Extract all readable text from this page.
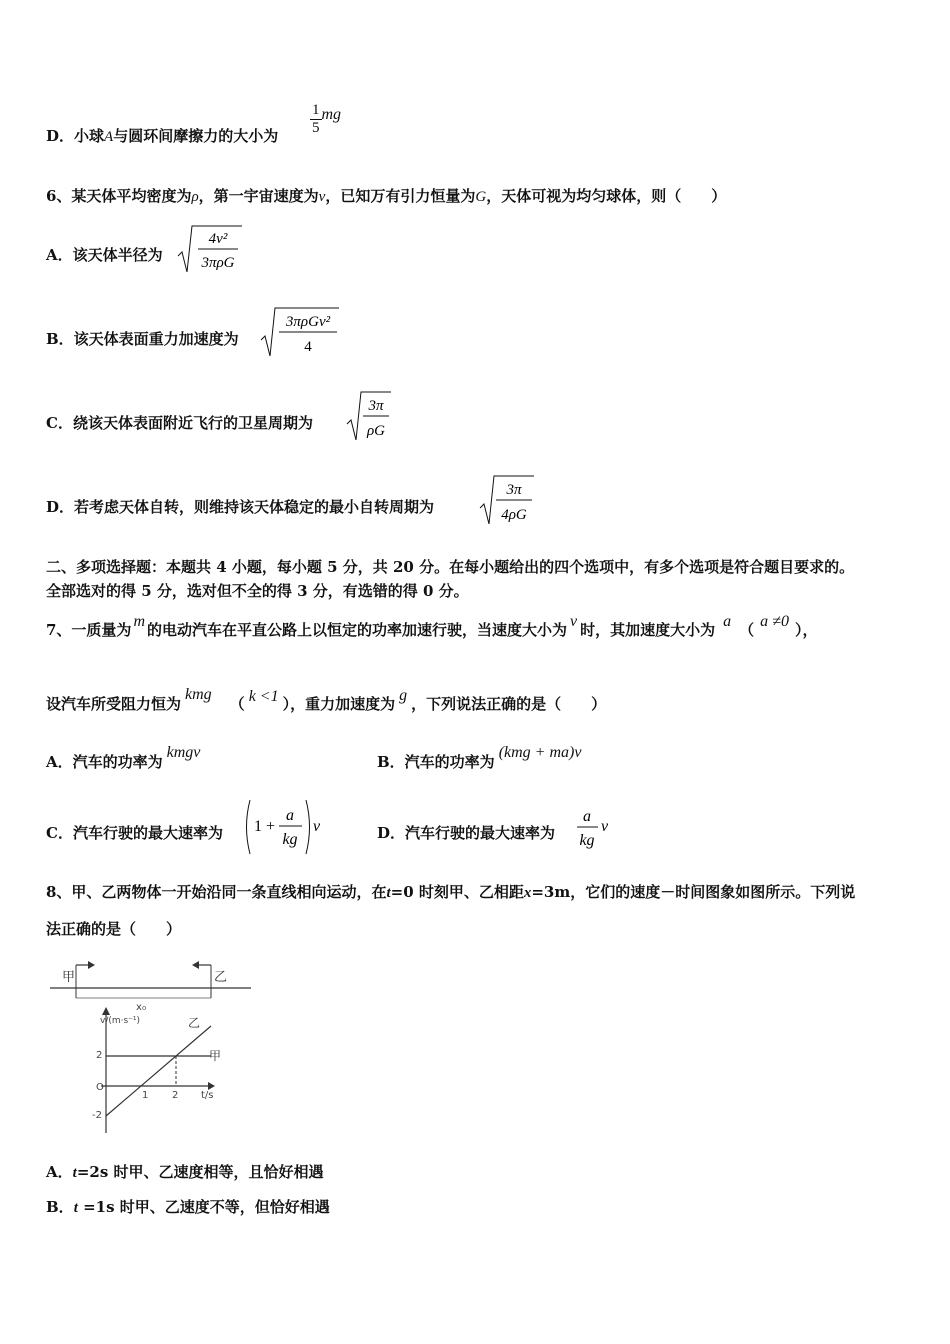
D．小球A与圆环间摩擦力的大小为 $\frac{1}{5}$ mg
6、某天体平均密度为ρ，第一宇宙速度为v，已知万有引力恒量为G，天体可视为均匀球体，则（　　）
A．该天体半径为
4v²
3πρG
B．该天体表面重力加速度为
3πρGv²
4
C．绕该天体表面附近飞行的卫星周期为
3π
ρG
D．若考虑天体自转，则维持该天体稳定的最小自转周期为
3π
4ρG
二、多项选择题：本题共 4 小题，每小题 5 分，共 20 分。在每小题给出的四个选项中，有多个选项是符合题目要求的。
全部选对的得 5 分，选对但不全的得 3 分，有选错的得 0 分。
7、一质量为 m 的电动汽车在平直公路上以恒定的功率加速行驶，当速度大小为 v 时，其加速度大小为 a （ a ≠0 ），
设汽车所受阻力恒为kmg（ k <1 ），重力加速度为 g ，下列说法正确的是（　　）
A．汽车的功率为kmgv
B．汽车的功率为(kmg + ma)v
C．汽车行驶的最大速率为 1 +
a
kg
v	D．汽车行驶的最大速率为
a
kg
v
8、甲、乙两物体一开始沿同一条直线相向运动，在t=0 时刻甲、乙相距x=3m，它们的速度－时间图象如图所示。下列说
法正确的是（　　）
甲	乙
x₀
v/(m·s⁻¹)
t/s
2
O
-2
1 2
甲
乙
A．t=2s 时甲、乙速度相等，且恰好相遇
B．t =1s 时甲、乙速度不等，但恰好相遇
